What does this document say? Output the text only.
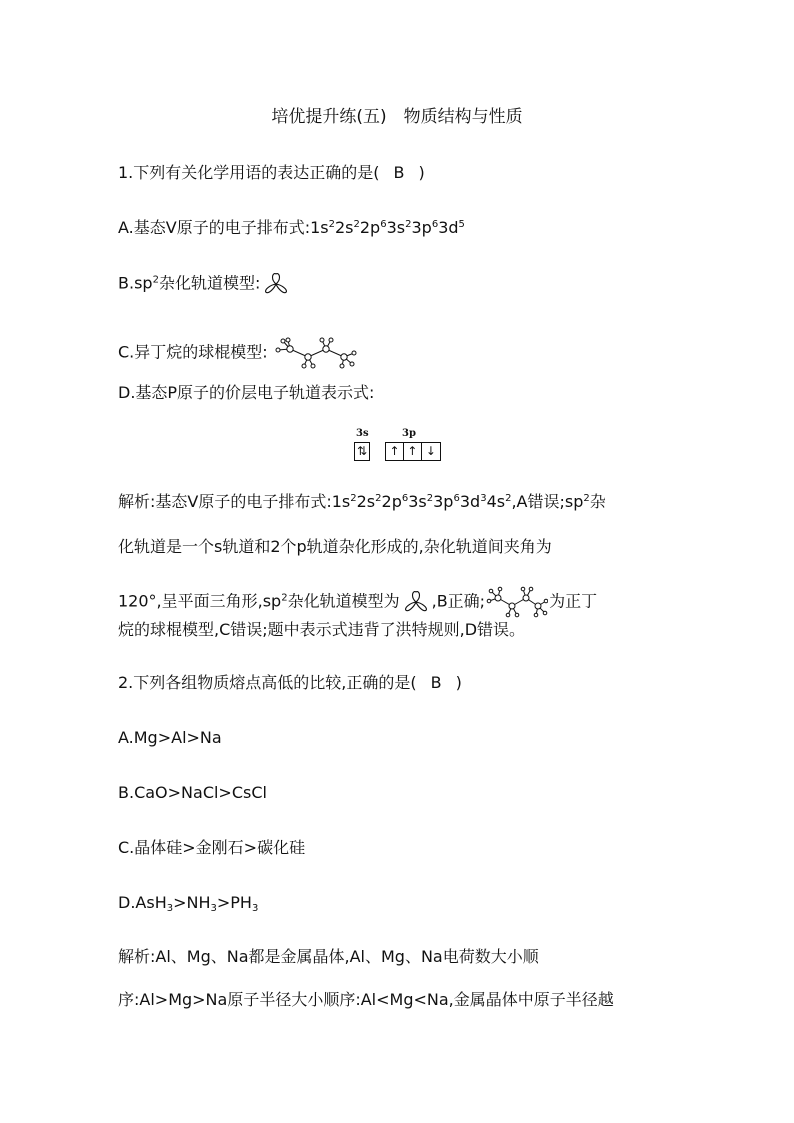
培优提升练(五)　物质结构与性质
1.下列有关化学用语的表达正确的是( B )
A.基态V原子的电子排布式$:1s^22s^22p^63s^23p^63d^5$
$B.sp^2$杂化轨道模型:
C.异丁烷的球棍模型:
D.基态P原子的价层电子轨道表示式:
3s	3p
⇅ ↑ ↑ ↓
解析:基态V原子的电子排布式$:1s^22s^22p^63s^23p^63d^34s^2,A$错误$;sp^2$杂
化轨道是一个s轨道和2个p轨道杂化形成的,杂化轨道间夹角为
120°,呈平面三角形$,sp^2$杂化轨道模型为 ,B正确;	为正丁
烷的球棍模型,C错误;题中表示式违背了洪特规则,D错误。
2.下列各组物质熔点高低的比较,正确的是( B )
A.Mg>Al>Na
B.CaO>NaCl>CsCl
C.晶体硅>金刚石>碳化硅
$D.AsH_3>NH_3>PH_3$
解析:Al、Mg、Na都是金属晶体,Al、Mg、Na电荷数大小顺
序:Al>Mg>Na原子半径大小顺序:Al<Mg<Na,金属晶体中原子半径越
